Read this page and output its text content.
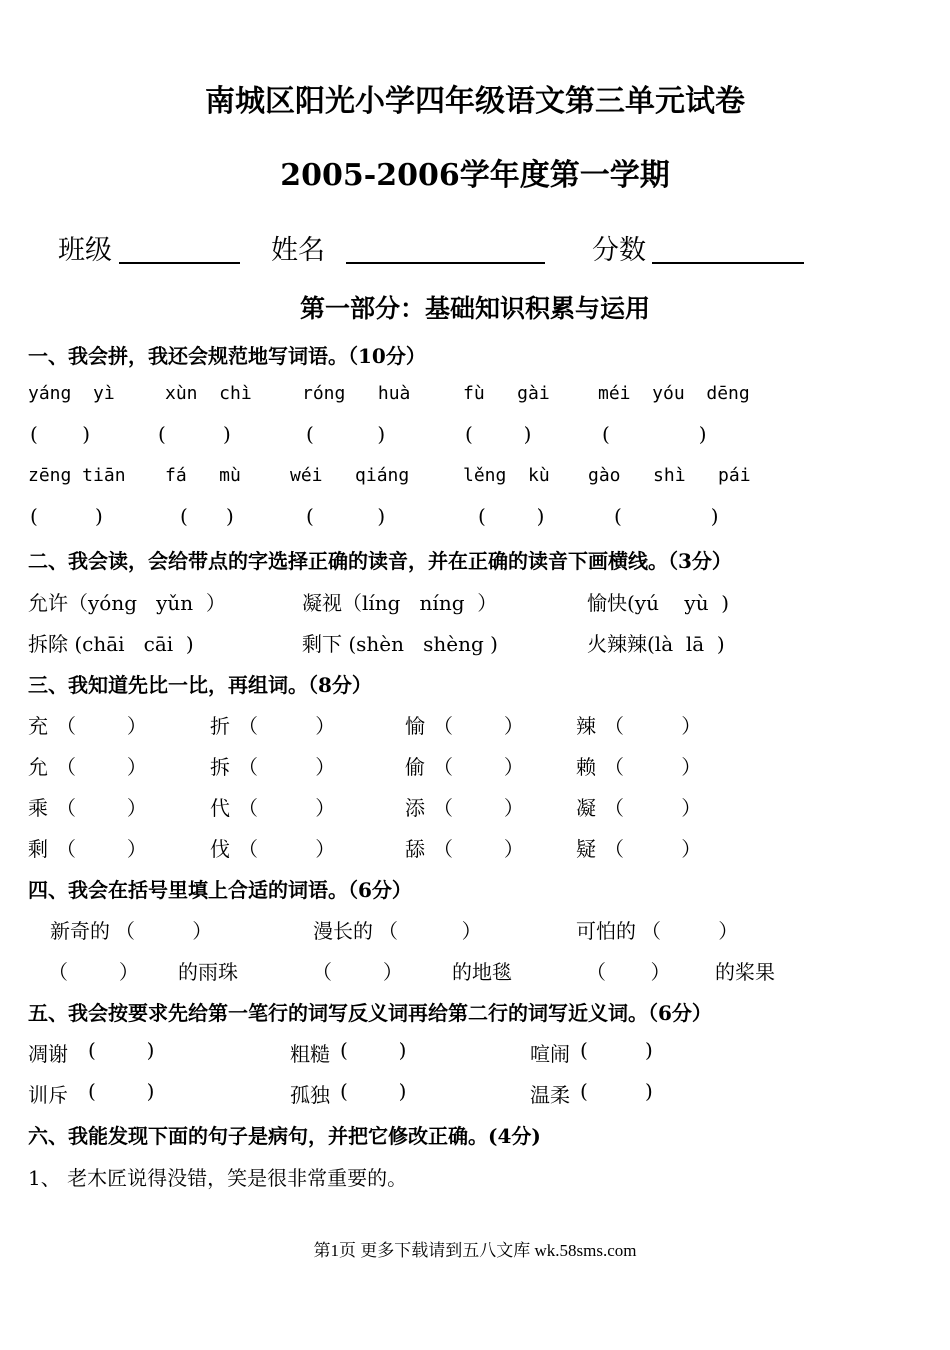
南城区阳光小学四年级语文第三单元试卷
2005-2006学年度第一学期
班级	姓名	分数
第一部分：基础知识积累与运用
一、我会拼，我还会规范地写词语。（10分）
yáng  yì	xùn  chì	róng   huà	fù   gài	méi  yóu  dēng
(       )	(         )	(          )	(        )	(              )
zēng tiān fá   mù	wéi   qiáng	lěng  kù gào   shì   pái
(         )	(      )	(          )	(        )	(              )
二、我会读，会给带点的字选择正确的读音，并在正确的读音下画横线。（3分）
允许（yóng   yǔn  ）	凝视（líng   níng  ）	愉快(yú    yù  )
拆除 (chāi   cāi  )	剩下 (shèn   shèng )	火辣辣(là  lā  )
三、我知道先比一比，再组词。（8分）
充 （        ）	折 （         ）	愉 （        ）	辣 （         ）
允 （        ）	拆 （         ）	偷 （        ）	赖 （         ）
乘 （        ）	代 （         ）	添 （        ）	凝 （         ）
剩 （        ）	伐 （         ）	舔 （        ）	疑 （         ）
四、我会在括号里填上合适的词语。（6分）
新奇的 （         ）	漫长的 （          ）	可怕的 （         ）
（        ） 的雨珠	（        ） 的地毯	（       ） 的桨果
五、我会按要求先给第一笔行的词写反义词再给第二行的词写近义词。（6分）
凋谢 (        )	粗糙 (        )	喧闹 (         )
训斥 (        )	孤独 (        )	温柔 (         )
六、我能发现下面的句子是病句，并把它修改正确。(4分)
1、 老木匠说得没错，笑是很非常重要的。
第1页 更多下载请到五八文库 wk.58sms.com
